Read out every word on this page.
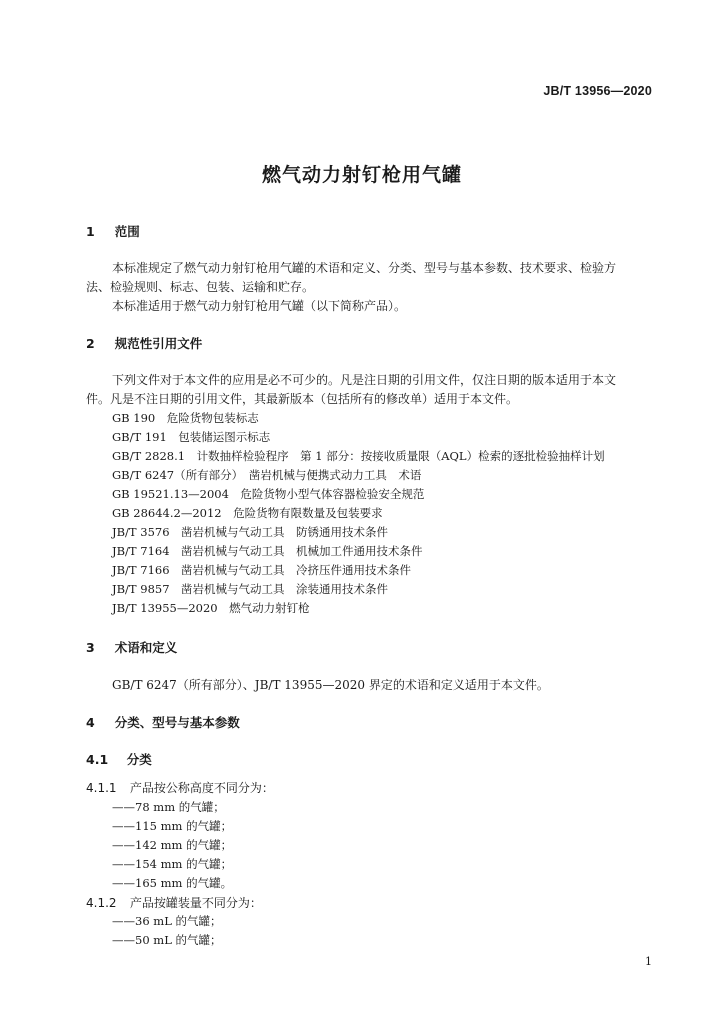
JB/T 13956—2020
燃气动力射钉枪用气罐
1 范围
本标准规定了燃气动力射钉枪用气罐的术语和定义、分类、型号与基本参数、技术要求、检验方
法、检验规则、标志、包装、运输和贮存。
本标准适用于燃气动力射钉枪用气罐（以下简称产品）。
2 规范性引用文件
下列文件对于本文件的应用是必不可少的。凡是注日期的引用文件，仅注日期的版本适用于本文
件。凡是不注日期的引用文件，其最新版本（包括所有的修改单）适用于本文件。
GB 190　危险货物包装标志
GB/T 191　包装储运图示标志
GB/T 2828.1　计数抽样检验程序　第 1 部分：按接收质量限（AQL）检索的逐批检验抽样计划
GB/T 6247（所有部分）　凿岩机械与便携式动力工具　术语
GB 19521.13—2004　危险货物小型气体容器检验安全规范
GB 28644.2—2012　危险货物有限数量及包装要求
JB/T 3576　凿岩机械与气动工具　防锈通用技术条件
JB/T 7164　凿岩机械与气动工具　机械加工件通用技术条件
JB/T 7166　凿岩机械与气动工具　冷挤压件通用技术条件
JB/T 9857　凿岩机械与气动工具　涂装通用技术条件
JB/T 13955—2020　燃气动力射钉枪
3 术语和定义
GB/T 6247（所有部分）、JB/T 13955—2020 界定的术语和定义适用于本文件。
4 分类、型号与基本参数
4.1 分类
4.1.1 产品按公称高度不同分为：
——78 mm 的气罐；
——115 mm 的气罐；
——142 mm 的气罐；
——154 mm 的气罐；
——165 mm 的气罐。
4.1.2 产品按罐装量不同分为：
——36 mL 的气罐；
——50 mL 的气罐；
1
